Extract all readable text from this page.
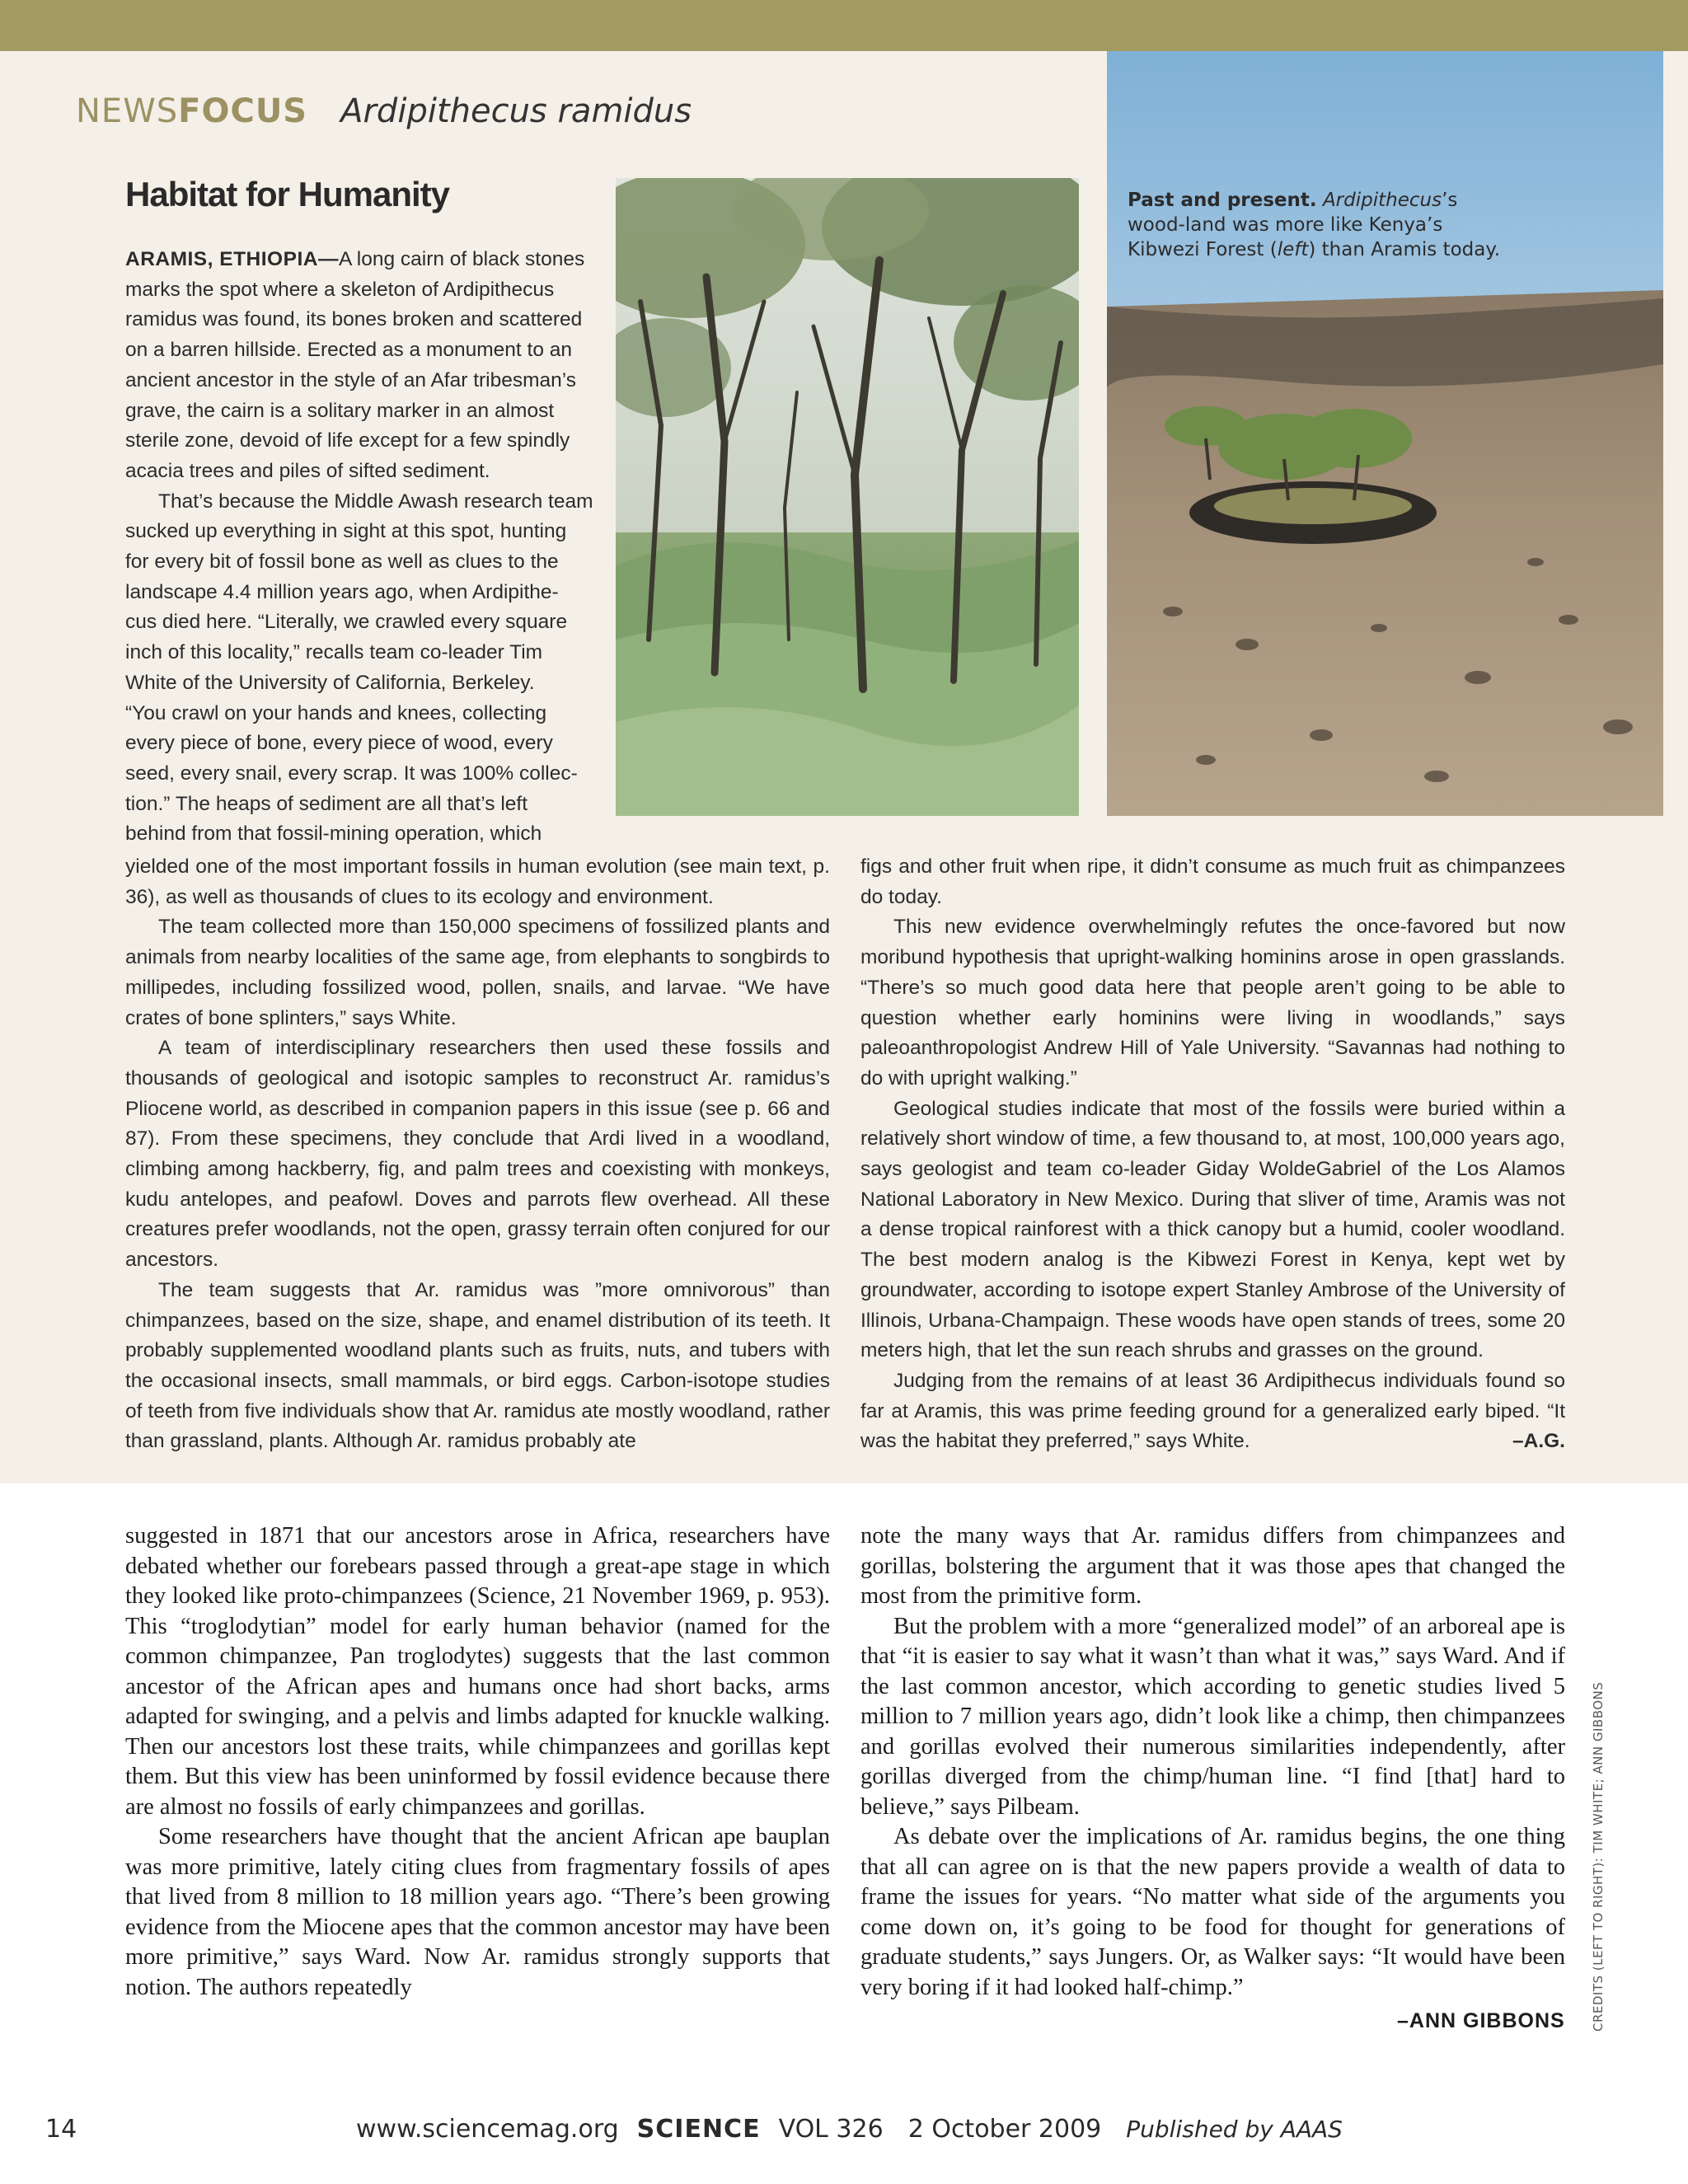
NEWSFOCUS Ardipithecus ramidus
Habitat for Humanity
ARAMIS, ETHIOPIA—A long cairn of black stones
marks the spot where a skeleton of Ardipithecus
ramidus was found, its bones broken and scattered
on a barren hillside. Erected as a monument to an
ancient ancestor in the style of an Afar tribesman’s
grave, the cairn is a solitary marker in an almost
sterile zone, devoid of life except for a few spindly
acacia trees and piles of sifted sediment.
That’s because the Middle Awash research team
sucked up everything in sight at this spot, hunting
for every bit of fossil bone as well as clues to the
landscape 4.4 million years ago, when Ardipithe-
cus died here. “Literally, we crawled every square
inch of this locality,” recalls team co-leader Tim
White of the University of California, Berkeley.
“You crawl on your hands and knees, collecting
every piece of bone, every piece of wood, every
seed, every snail, every scrap. It was 100% collec-
tion.” The heaps of sediment are all that’s left
behind from that fossil-mining operation, which

yielded one of the most important fossils in human evolution (see main text, p. 36), as well as thousands of clues to its ecology and environment.

The team collected more than 150,000 specimens of fossilized plants and animals from nearby localities of the same age, from elephants to songbirds to millipedes, including fossilized wood, pollen, snails, and larvae. “We have crates of bone splinters,” says White.

A team of interdisciplinary researchers then used these fossils and thousands of geological and isotopic samples to reconstruct Ar. ramidus’s Pliocene world, as described in companion papers in this issue (see p. 66 and 87). From these specimens, they conclude that Ardi lived in a woodland, climbing among hackberry, fig, and palm trees and coexisting with monkeys, kudu antelopes, and peafowl. Doves and parrots flew overhead. All these creatures prefer woodlands, not the open, grassy terrain often conjured for our ancestors.

The team suggests that Ar. ramidus was ”more omnivorous” than chimpanzees, based on the size, shape, and enamel distribution of its teeth. It probably supplemented woodland plants such as fruits, nuts, and tubers with the occasional insects, small mammals, or bird eggs. Carbon-isotope studies of teeth from five individuals show that Ar. ramidus ate mostly woodland, rather than grassland, plants. Although Ar. ramidus probably ate

figs and other fruit when ripe, it didn’t consume as much fruit as chimpanzees do today.

This new evidence overwhelmingly refutes the once-favored but now moribund hypothesis that upright-walking hominins arose in open grasslands. “There’s so much good data here that people aren’t going to be able to question whether early hominins were living in woodlands,” says paleoanthropologist Andrew Hill of Yale University. “Savannas had nothing to do with upright walking.”

Geological studies indicate that most of the fossils were buried within a relatively short window of time, a few thousand to, at most, 100,000 years ago, says geologist and team co-leader Giday WoldeGabriel of the Los Alamos National Laboratory in New Mexico. During that sliver of time, Aramis was not a dense tropical rainforest with a thick canopy but a humid, cooler woodland. The best modern analog is the Kibwezi Forest in Kenya, kept wet by groundwater, according to isotope expert Stanley Ambrose of the University of Illinois, Urbana-Champaign. These woods have open stands of trees, some 20 meters high, that let the sun reach shrubs and grasses on the ground.

Judging from the remains of at least 36 Ardipithecus individuals found so far at Aramis, this was prime feeding ground for a generalized early biped. “It was the habitat they preferred,” says White.	–A.G.

Past and present. Ardipithecus’s wood-land was more like Kenya’s Kibwezi Forest (left) than Aramis today.

suggested in 1871 that our ancestors arose in Africa, researchers have debated whether our forebears passed through a great-ape stage in which they looked like proto-chimpanzees (Science, 21 November 1969, p. 953). This “troglodytian” model for early human behavior (named for the common chimpanzee, Pan troglodytes) suggests that the last common ancestor of the African apes and humans once had short backs, arms adapted for swinging, and a pelvis and limbs adapted for knuckle walking. Then our ancestors lost these traits, while chimpanzees and gorillas kept them. But this view has been uninformed by fossil evidence because there are almost no fossils of early chimpanzees and gorillas.

Some researchers have thought that the ancient African ape bauplan was more primitive, lately citing clues from fragmentary fossils of apes that lived from 8 million to 18 million years ago. “There’s been growing evidence from the Miocene apes that the common ancestor may have been more primitive,” says Ward. Now Ar. ramidus strongly supports that notion. The authors repeatedly

note the many ways that Ar. ramidus differs from chimpanzees and gorillas, bolstering the argument that it was those apes that changed the most from the primitive form.

But the problem with a more “generalized model” of an arboreal ape is that “it is easier to say what it wasn’t than what it was,” says Ward. And if the last common ancestor, which according to genetic studies lived 5 million to 7 million years ago, didn’t look like a chimp, then chimpanzees and gorillas evolved their numerous similarities independently, after gorillas diverged from the chimp/human line. “I find [that] hard to believe,” says Pilbeam.

As debate over the implications of Ar. ramidus begins, the one thing that all can agree on is that the new papers provide a wealth of data to frame the issues for years. “No matter what side of the arguments you come down on, it’s going to be food for thought for generations of graduate students,” says Jungers. Or, as Walker says: “It would have been very boring if it had looked half-chimp.”

–ANN GIBBONS CREDITS (LEFT TO RIGHT): TIM WHITE; ANN GIBBONS
14	www.sciencemag.org SCIENCE VOL 326 2 October 2009 Published by AAAS
